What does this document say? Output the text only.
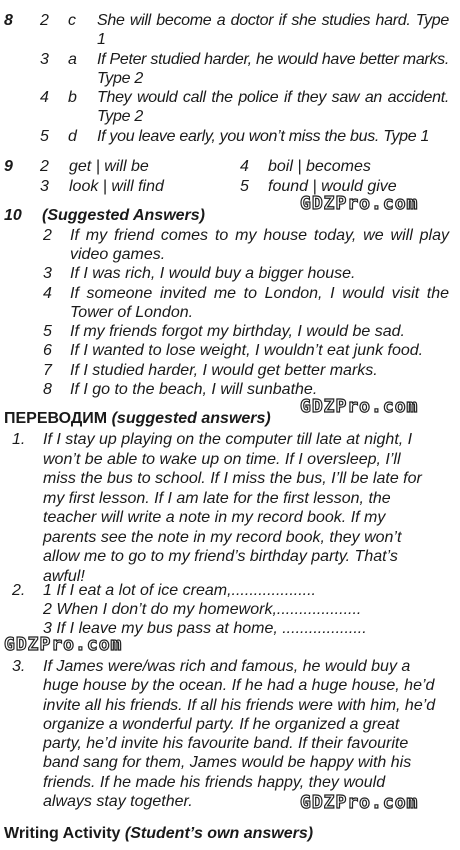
8 2 c She will become a doctor if she studies hard. Type 1
3 a If Peter studied harder, he would have better marks. Type 2
4 b They would call the police if they saw an accident. Type 2
5 d If you leave early, you won’t miss the bus. Type 1
9 2 get | will be	4 boil | becomes
3 look | will find	5 found | would give
GDZPro.com
10 (Suggested Answers)
2 If my friend comes to my house today, we will play video games.
3 If I was rich, I would buy a bigger house.
4 If someone invited me to London, I would visit the Tower of London.
5 If my friends forgot my birthday, I would be sad.
6 If I wanted to lose weight, I wouldn’t eat junk food.
7 If I studied harder, I would get better marks.
8 If I go to the beach, I will sunbathe.
GDZPro.com
ПЕРЕВОДИМ (suggested answers)
1. If I stay up playing on the computer till late at night, I won’t be able to wake up on time. If I oversleep, I’ll miss the bus to school. If I miss the bus, I’ll be late for my first lesson. If I am late for the first lesson, the teacher will write a note in my record book. If my parents see the note in my record book, they won’t allow me to go to my friend’s birthday party. That’s awful!
2. 1 If I eat a lot of ice cream,...................
2 When I don’t do my homework,...................
3 If I leave my bus pass at home, ...................
GDZPro.com
3. If James were/was rich and famous, he would buy a huge house by the ocean. If he had a huge house, he’d invite all his friends. If all his friends were with him, he’d organize a wonderful party. If he organized a great party, he’d invite his favourite band. If their favourite band sang for them, James would be happy with his friends. If he made his friends happy, they would always stay together.	GDZPro.com
Writing Activity (Student’s own answers)
